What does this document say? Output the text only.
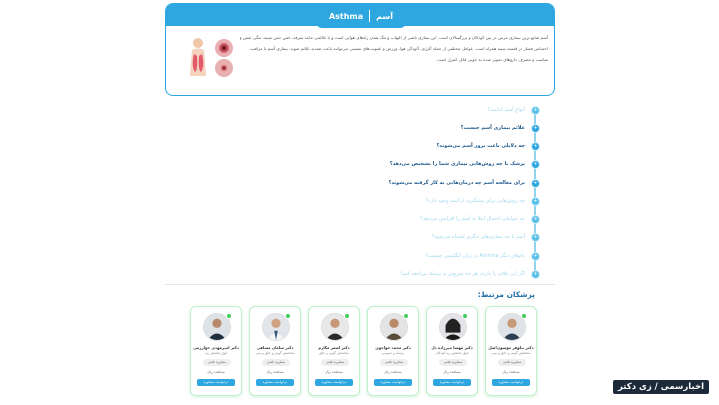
Asthma آسم
آسم شایع ترین بیماری مزمن در بین کودکان و بزرگسالان است. این بیماری ناشی از التهاب و تنگ شدن راه‌های هوایی است و با علائمی مانند سرفه، خس خس سینه، تنگی نفس و احساس فشار در قفسه سینه همراه است. عوامل مختلفی از جمله آلرژی، آلودگی هوا، ورزش و عفونت‌های تنفسی می‌توانند باعث تشدید علائم شوند. بیماری آسم با مراقبت مناسب و مصرف داروهای تجویز شده به خوبی قابل کنترل است.
+
انواع آسم کدامند؟
+
علائم بیماری آسم چیست؟
+
چه دلایلی باعث بروز آسم می‌شوند؟
+
پزشک با چه روش‌هایی بیماری شما را تشخیص می‌دهد؟
+
برای معالجه آسم چه درمان‌هایی به کار گرفته می‌شوند؟
+
چه روش‌هایی برای پیشگیری از آسم وجود دارد؟
+
چه عواملی احتمال ابتلا به آسم را افزایش می‌دهد؟
+
آسم با چه بیماری‌های دیگری اشتباه می‌شود؟
+
نام‌های دیگر Asthma در زبان انگلیسی چیست؟
+
اگر این علائم را دارید، هر چه سریع‌تر به پزشک مراجعه کنید!
پزشکان مرتبط:
دکتر نیلوفر موسوی‌اصل
متخصص گوش و حلق و بینی
مشاوره تلفنی
مشاهده ریال
درخواست مشاوره
دکتر مهسا میرزاده دل
فوق تخصص ریه کودکان
مشاوره تلفنی
مشاهده ریال
درخواست مشاوره
دکتر محمد خواجوی
پزشک و عمومی
مشاوره تلفنی
مشاهده ریال
درخواست مشاوره
دکتر اصغر مکارم
متخصص گوش و حلق
مشاوره تلفنی
مشاهده ریال
درخواست مشاوره
دکتر سامان مسافی
متخصص گوش و حلق و بینی
مشاوره تلفنی
مشاهده ریال
درخواست مشاوره
دکتر امیرمهدی خوارزمی
فوق تخصص ریه
مشاوره تلفنی
مشاهده ریال
درخواست مشاوره	اخبارسمی / زی دکتر
